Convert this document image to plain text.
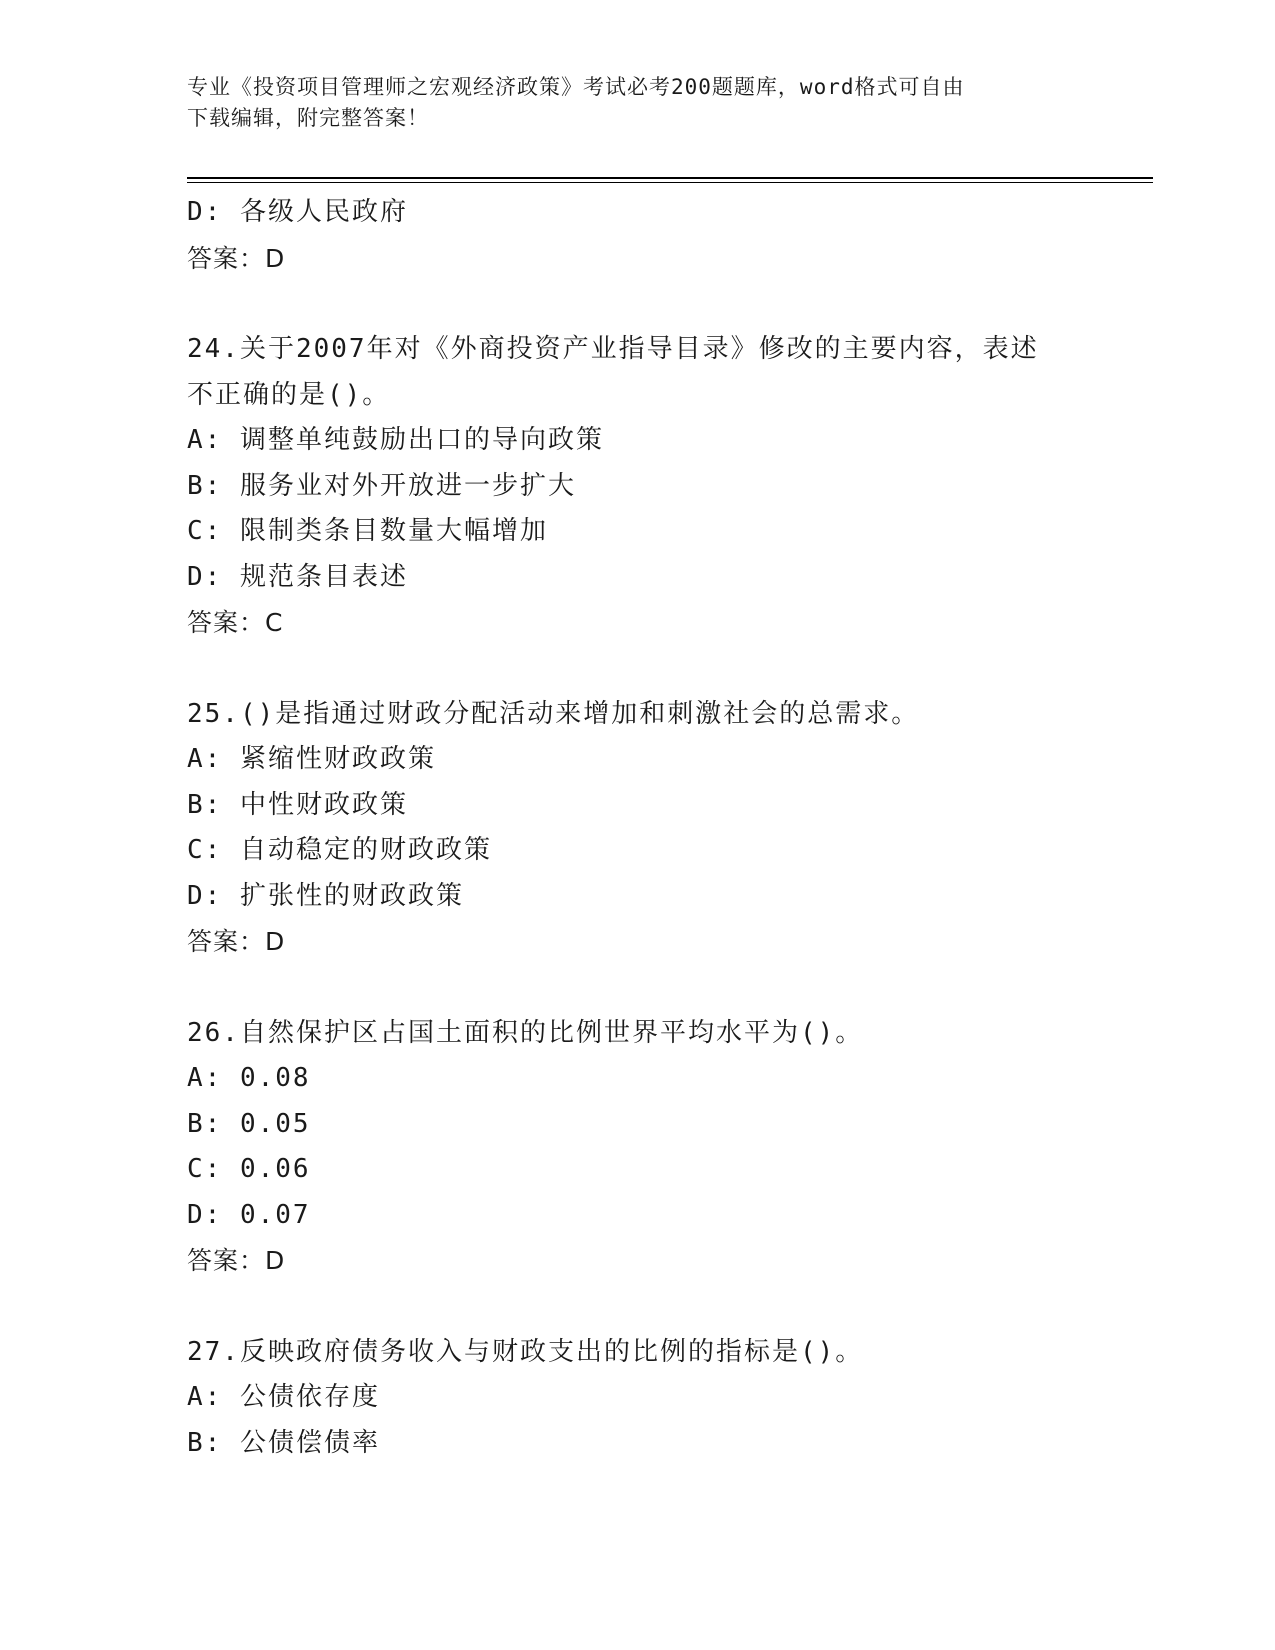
专业《投资项目管理师之宏观经济政策》考试必考200题题库，word格式可自由
下载编辑，附完整答案！
D: 各级人民政府
答案：D
24.关于2007年对《外商投资产业指导目录》修改的主要内容，表述
不正确的是()。
A: 调整单纯鼓励出口的导向政策
B: 服务业对外开放进一步扩大
C: 限制类条目数量大幅增加
D: 规范条目表述
答案：C
25.()是指通过财政分配活动来增加和刺激社会的总需求。
A: 紧缩性财政政策
B: 中性财政政策
C: 自动稳定的财政政策
D: 扩张性的财政政策
答案：D
26.自然保护区占国土面积的比例世界平均水平为()。
A: 0.08
B: 0.05
C: 0.06
D: 0.07
答案：D
27.反映政府债务收入与财政支出的比例的指标是()。
A: 公债依存度
B: 公债偿债率
